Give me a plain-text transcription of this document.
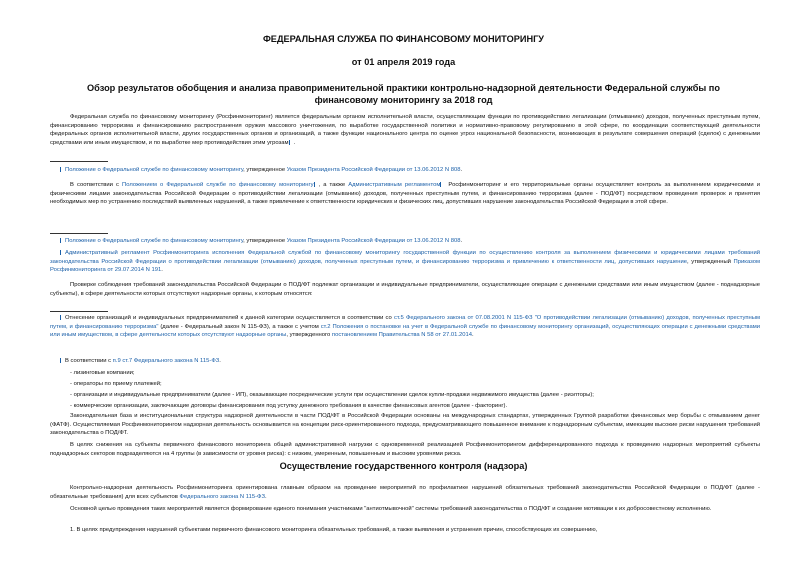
ФЕДЕРАЛЬНАЯ СЛУЖБА ПО ФИНАНСОВОМУ МОНИТОРИНГУ
от 01 апреля 2019 года
Обзор результатов обобщения и анализа правоприменительной практики контрольно-надзорной деятельности Федеральной службы по финансовому мониторингу за 2018 год

Федеральная служба по финансовому мониторингу (Росфинмониторинг) является федеральным органом исполнительной власти, осуществляющим функции по противодействию легализации (отмыванию) доходов, полученных преступным путем, финансированию терроризма и финансированию распространения оружия массового уничтожения, по выработке государственной политики и нормативно-правовому регулированию в этой сфере, по координации соответствующей деятельности федеральных органов исполнительной власти, других государственных органов и организаций, а также функции национального центра по оценке угроз национальной безопасности, возникающих в результате совершения операций (сделок) с денежными средствами или иным имуществом, и по выработке мер противодействия этим угрозам .

Положение о Федеральной службе по финансовому мониторингу, утвержденное Указом Президента Российской Федерации от 13.06.2012 N 808.

В соответствии с Положением о Федеральной службе по финансовому мониторингу , а также Административным регламентом Росфинмониторинг и его территориальные органы осуществляет контроль за выполнением юридическими и физическими лицами законодательства Российской Федерации о противодействии легализации (отмыванию) доходов, полученных преступным путем, и финансированию терроризма (далее - ПОД/ФТ) посредством проведения проверок и принятия необходимых мер по устранению последствий выявленных нарушений, а также привлечение к ответственности юридических и физических лиц, допустивших нарушение законодательства Российской Федерации в этой сфере.

Положение о Федеральной службе по финансовому мониторингу, утвержденное Указом Президента Российской Федерации от 13.06.2012 N 808.

Административный регламент Росфинмониторинга исполнения Федеральной службой по финансовому мониторингу государственной функции по осуществлению контроля за выполнением физическими и юридическими лицами требований законодательства Российской Федерации о противодействии легализации (отмыванию) доходов, полученных преступным путем, и финансированию терроризма и привлечению к ответственности лиц, допустивших нарушение, утвержденный Приказом Росфинмониторинга от 29.07.2014 N 191.

Проверке соблюдения требований законодательства Российской Федерации о ПОД/ФТ подлежат организации и индивидуальные предприниматели, осуществляющие операции с денежными средствами или иным имуществом (далее - поднадзорные субъекты), в сфере деятельности которых отсутствуют надзорные органы, к которым относятся:

Отнесение организаций и индивидуальных предпринимателей к данной категории осуществляется в соответствии со ст.5 Федерального закона от 07.08.2001 N 115-ФЗ "О противодействии легализации (отмыванию) доходов, полученных преступным путем, и финансированию терроризма" (далее - Федеральный закон N 115-ФЗ), а также с учетом ст.2 Положения о постановке на учет в Федеральной службе по финансовому мониторингу организаций, осуществляющих операции с денежными средствами или иным имуществом, в сфере деятельности которых отсутствуют надзорные органы, утвержденного постановлением Правительства N 58 от 27.01.2014.

В соответствии с п.9 ст.7 Федерального закона N 115-ФЗ.

- лизинговые компании;

- операторы по приему платежей;

- организации и индивидуальные предприниматели (далее - ИП), оказывающие посреднические услуги при осуществлении сделок купли-продажи недвижимого имущества (далее - риэлторы);

- коммерческие организации, заключающие договоры финансирования под уступку денежного требования в качестве финансовых агентов (далее - факторинг).

Законодательная база и институциональная структура надзорной деятельности в части ПОД/ФТ в Российской Федерации основаны на международных стандартах, утвержденных Группой разработки финансовых мер борьбы с отмыванием денег (ФАТФ). Осуществляемая Росфинмониторингом надзорная деятельность основывается на концепции риск-ориентированного подхода, предусматривающего повышенное внимание к поднадзорным субъектам, имеющим высокие риски нарушения требований законодательства о ПОД/ФТ.

В целях снижения на субъекты первичного финансового мониторинга общей административной нагрузки с одновременной реализацией Росфинмониторингом дифференцированного подхода к проведению надзорных мероприятий субъекты поднадзорных секторов подразделяются на 4 группы (в зависимости от уровня риска): с низким, умеренным, повышенным и высоким уровнями риска.

Осуществление государственного контроля (надзора)

Контрольно-надзорная деятельность Росфинмониторинга ориентирована главным образом на проведение мероприятий по профилактике нарушений обязательных требований законодательства Российской Федерации о ПОД/ФТ (далее - обязательные требования) для всех субъектов Федерального закона N 115-ФЗ.

Основной целью проведения таких мероприятий является формирование единого понимания участниками "антиотмывочной" системы требований законодательства о ПОД/ФТ и создание мотивации к их добросовестному исполнению.

1. В целях предупреждения нарушений субъектами первичного финансового мониторинга обязательных требований, а также выявления и устранения причин, способствующих их совершению,
